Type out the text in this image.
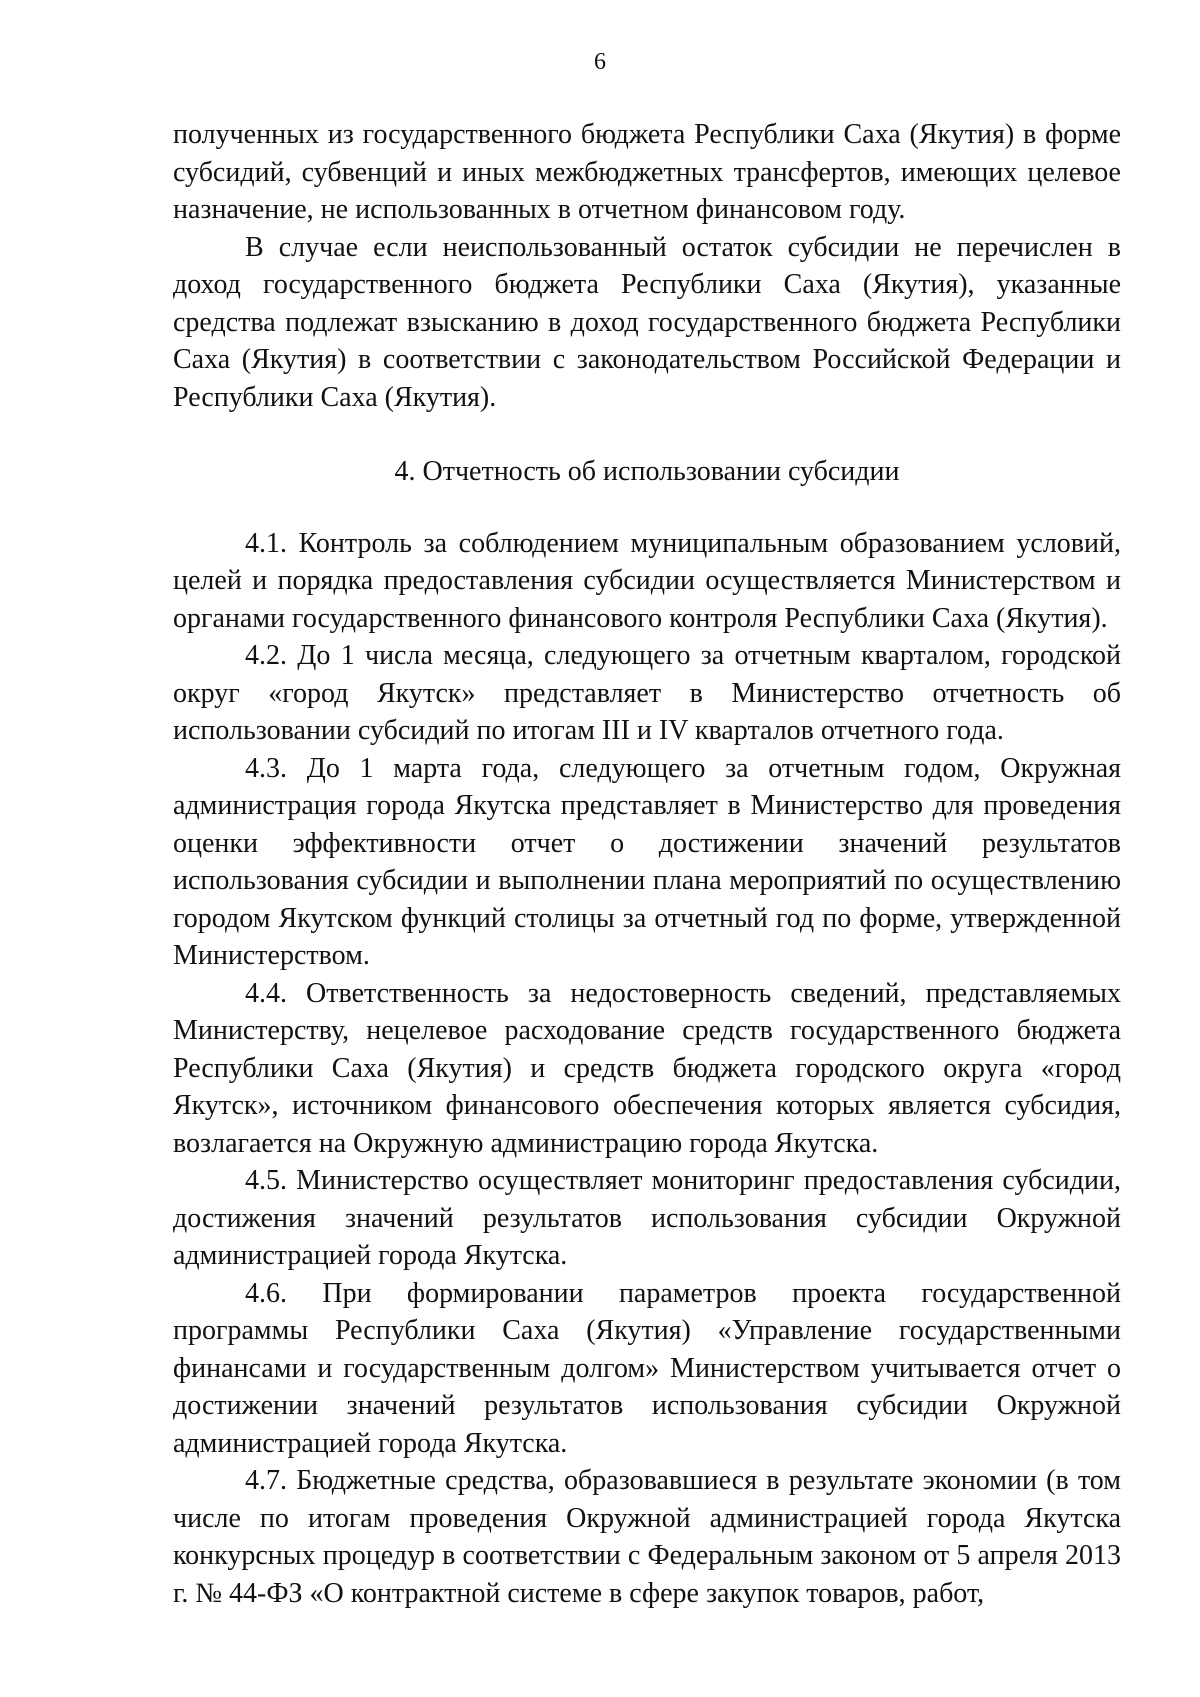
6

полученных из государственного бюджета Республики Саха (Якутия) в форме субсидий, субвенций и иных межбюджетных трансфертов, имеющих целевое назначение, не использованных в отчетном финансовом году.

В случае если неиспользованный остаток субсидии не перечислен в доход государственного бюджета Республики Саха (Якутия), указанные средства подлежат взысканию в доход государственного бюджета Республики Саха (Якутия) в соответствии с законодательством Российской Федерации и Республики Саха (Якутия).

4. Отчетность об использовании субсидии

4.1. Контроль за соблюдением муниципальным образованием условий, целей и порядка предоставления субсидии осуществляется Министерством и органами государственного финансового контроля Республики Саха (Якутия).

4.2. До 1 числа месяца, следующего за отчетным кварталом, городской округ «город Якутск» представляет в Министерство отчетность об использовании субсидий по итогам III и IV кварталов отчетного года.

4.3. До 1 марта года, следующего за отчетным годом, Окружная администрация города Якутска представляет в Министерство для проведения оценки эффективности отчет о достижении значений результатов использования субсидии и выполнении плана мероприятий по осуществлению городом Якутском функций столицы за отчетный год по форме, утвержденной Министерством.

4.4. Ответственность за недостоверность сведений, представляемых Министерству, нецелевое расходование средств государственного бюджета Республики Саха (Якутия) и средств бюджета городского округа «город Якутск», источником финансового обеспечения которых является субсидия, возлагается на Окружную администрацию города Якутска.

4.5. Министерство осуществляет мониторинг предоставления субсидии, достижения значений результатов использования субсидии Окружной администрацией города Якутска.

4.6. При формировании параметров проекта государственной программы Республики Саха (Якутия) «Управление государственными финансами и государственным долгом» Министерством учитывается отчет о достижении значений результатов использования субсидии Окружной администрацией города Якутска.

4.7. Бюджетные средства, образовавшиеся в результате экономии (в том числе по итогам проведения Окружной администрацией города Якутска конкурсных процедур в соответствии с Федеральным законом от 5 апреля 2013 г. № 44-ФЗ «О контрактной системе в сфере закупок товаров, работ,
